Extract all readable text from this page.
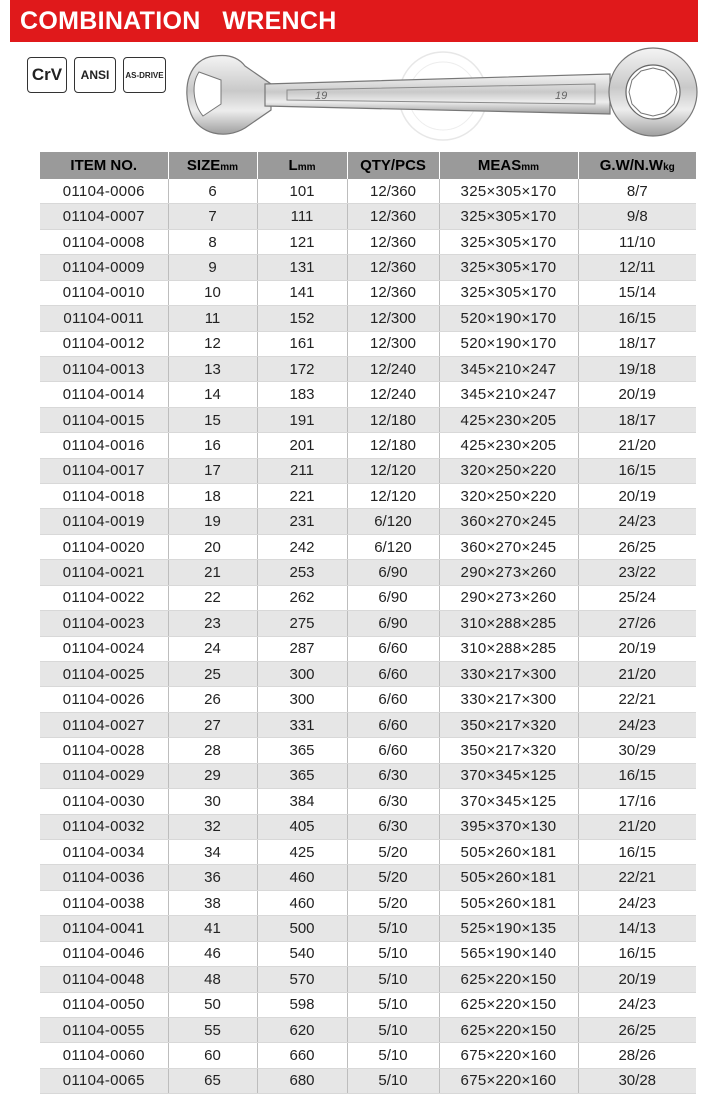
COMBINATION   WRENCH
CrV	ANSI	AS-DRIVE
19	19
ITEM NO.	SIZEmm	Lmm	QTY/PCS	MEASmm	G.W/N.Wkg
01104-0006	6	101	12/360	325×305×170	8/7
01104-0007	7	111	12/360	325×305×170	9/8
01104-0008	8	121	12/360	325×305×170	11/10
01104-0009	9	131	12/360	325×305×170	12/11
01104-0010	10	141	12/360	325×305×170	15/14
01104-0011	11	152	12/300	520×190×170	16/15
01104-0012	12	161	12/300	520×190×170	18/17
01104-0013	13	172	12/240	345×210×247	19/18
01104-0014	14	183	12/240	345×210×247	20/19
01104-0015	15	191	12/180	425×230×205	18/17
01104-0016	16	201	12/180	425×230×205	21/20
01104-0017	17	211	12/120	320×250×220	16/15
01104-0018	18	221	12/120	320×250×220	20/19
01104-0019	19	231	6/120	360×270×245	24/23
01104-0020	20	242	6/120	360×270×245	26/25
01104-0021	21	253	6/90	290×273×260	23/22
01104-0022	22	262	6/90	290×273×260	25/24
01104-0023	23	275	6/90	310×288×285	27/26
01104-0024	24	287	6/60	310×288×285	20/19
01104-0025	25	300	6/60	330×217×300	21/20
01104-0026	26	300	6/60	330×217×300	22/21
01104-0027	27	331	6/60	350×217×320	24/23
01104-0028	28	365	6/60	350×217×320	30/29
01104-0029	29	365	6/30	370×345×125	16/15
01104-0030	30	384	6/30	370×345×125	17/16
01104-0032	32	405	6/30	395×370×130	21/20
01104-0034	34	425	5/20	505×260×181	16/15
01104-0036	36	460	5/20	505×260×181	22/21
01104-0038	38	460	5/20	505×260×181	24/23
01104-0041	41	500	5/10	525×190×135	14/13
01104-0046	46	540	5/10	565×190×140	16/15
01104-0048	48	570	5/10	625×220×150	20/19
01104-0050	50	598	5/10	625×220×150	24/23
01104-0055	55	620	5/10	625×220×150	26/25
01104-0060	60	660	5/10	675×220×160	28/26
01104-0065	65	680	5/10	675×220×160	30/28
